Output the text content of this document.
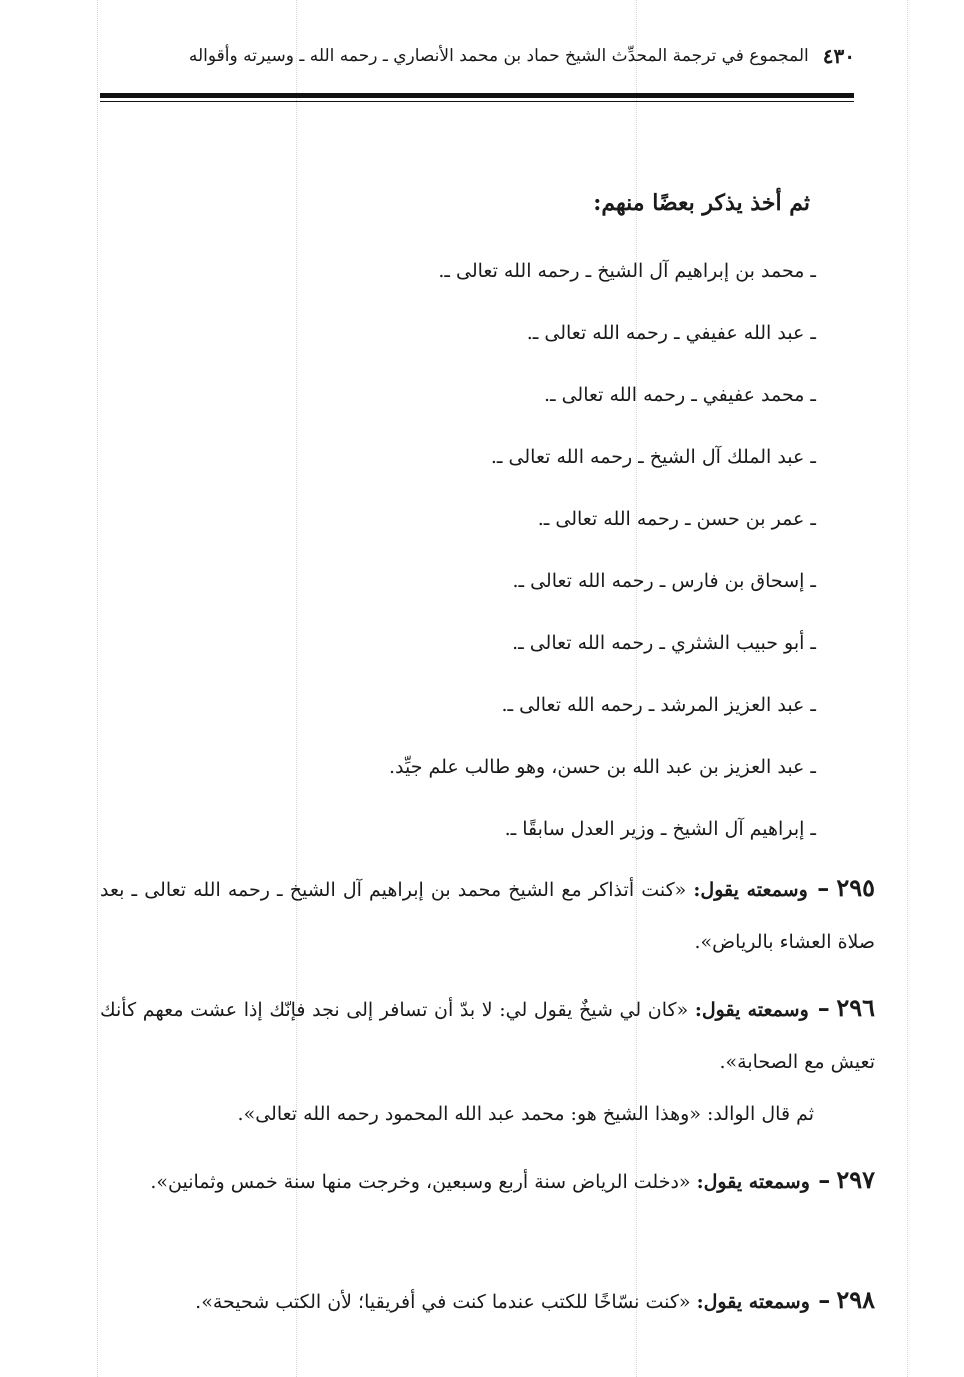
٤٣٠
المجموع في ترجمة المحدِّث الشيخ حماد بن محمد الأنصاري ـ رحمه الله ـ وسيرته وأقواله
ثم أخذ يذكر بعضًا منهم:
ـ محمد بن إبراهيم آل الشيخ ـ رحمه الله تعالى ـ.
ـ عبد الله عفيفي ـ رحمه الله تعالى ـ.
ـ محمد عفيفي ـ رحمه الله تعالى ـ.
ـ عبد الملك آل الشيخ ـ رحمه الله تعالى ـ.
ـ عمر بن حسن ـ رحمه الله تعالى ـ.
ـ إسحاق بن فارس ـ رحمه الله تعالى ـ.
ـ أبو حبيب الشثري ـ رحمه الله تعالى ـ.
ـ عبد العزيز المرشد ـ رحمه الله تعالى ـ.
ـ عبد العزيز بن عبد الله بن حسن، وهو طالب علم جيِّد.
ـ إبراهيم آل الشيخ ـ وزير العدل سابقًا ـ.

٢٩٥ – وسمعته يقول: «كنت أتذاكر مع الشيخ محمد بن إبراهيم آل الشيخ ـ رحمه الله تعالى ـ بعد صلاة العشاء بالرياض».

٢٩٦ – وسمعته يقول: «كان لي شيخٌ يقول لي: لا بدّ أن تسافر إلى نجد فإنّك إذا عشت معهم كأنك تعيش مع الصحابة».

ثم قال الوالد: «وهذا الشيخ هو: محمد عبد الله المحمود رحمه الله تعالى».

٢٩٧ – وسمعته يقول: «دخلت الرياض سنة أربع وسبعين، وخرجت منها سنة خمس وثمانين».

٢٩٨ – وسمعته يقول: «كنت نسّاخًا للكتب عندما كنت في أفريقيا؛ لأن الكتب شحيحة».
